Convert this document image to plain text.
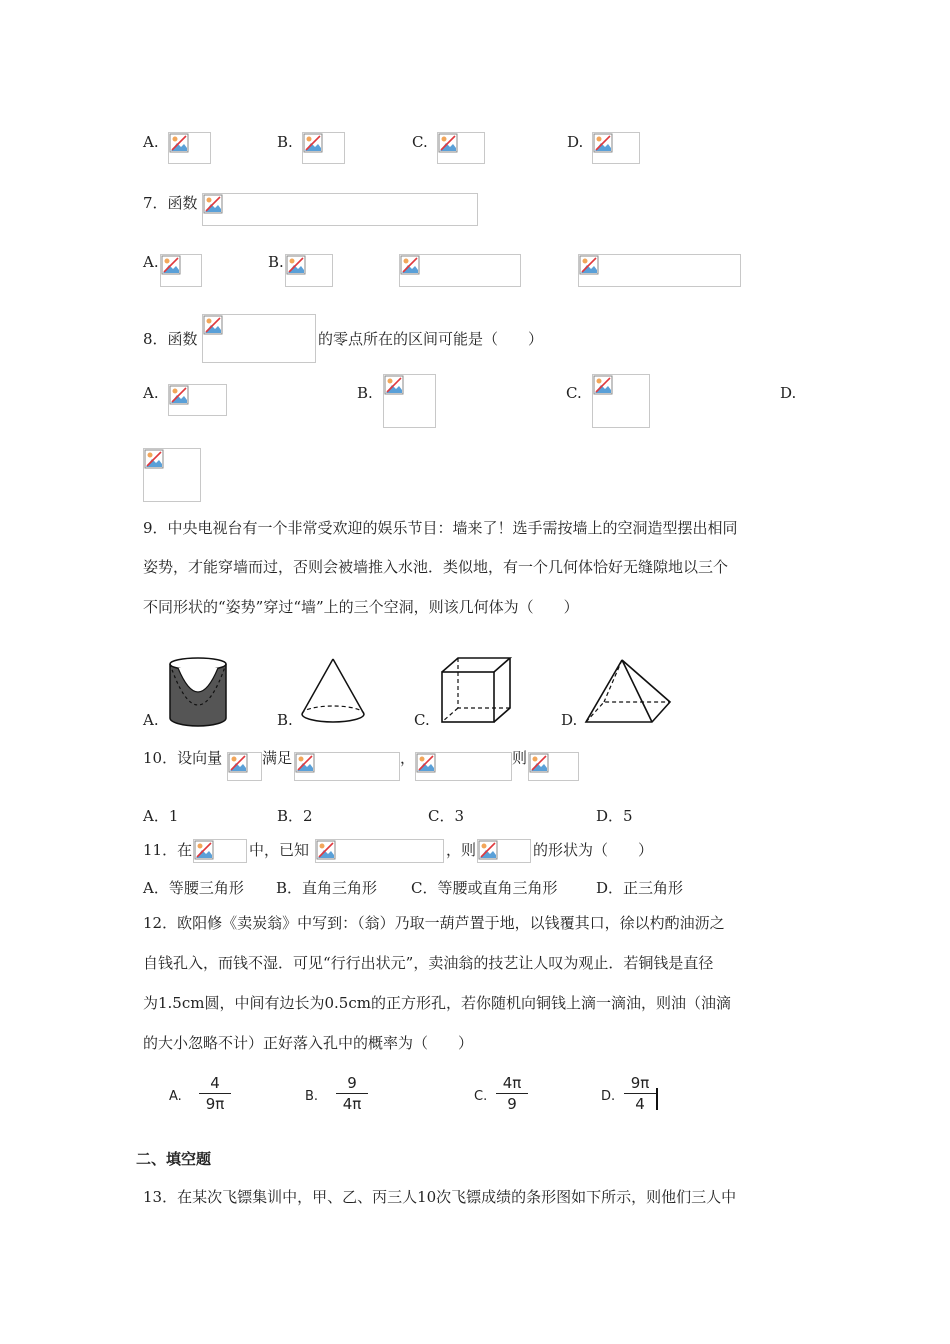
A.	B.	C.	D.
7．函数
A.	B.
8．函数	的零点所在的区间可能是（　　）
A.	B.	C.	D.
9．中央电视台有一个非常受欢迎的娱乐节目：墙来了！选手需按墙上的空洞造型摆出相同
姿势，才能穿墙而过，否则会被墙推入水池．类似地，有一个几何体恰好无缝隙地以三个
不同形状的“姿势”穿过“墙”上的三个空洞，则该几何体为（　　）
A.	B.	C.	D.
10．设向量	满足	，	则
A．1	B．2	C．3	D．5
11．在	中，已知	，则	的形状为（　　）
A．等腰三角形 B．直角三角形 C．等腰或直角三角形	D．正三角形
12．欧阳修《卖炭翁》中写到：（翁）乃取一葫芦置于地，以钱覆其口，徐以杓酌油沥之
自钱孔入，而钱不湿．可见“行行出状元”，卖油翁的技艺让人叹为观止．若铜钱是直径
为1.5cm圆，中间有边长为0.5cm的正方形孔，若你随机向铜钱上滴一滴油，则油（油滴
的大小忽略不计）正好落入孔中的概率为（　　）
A.
4
9π	B.
9
4π	C.
4π
9	D.
9π
4
二、填空题
13．在某次飞镖集训中，甲、乙、丙三人10次飞镖成绩的条形图如下所示，则他们三人中
